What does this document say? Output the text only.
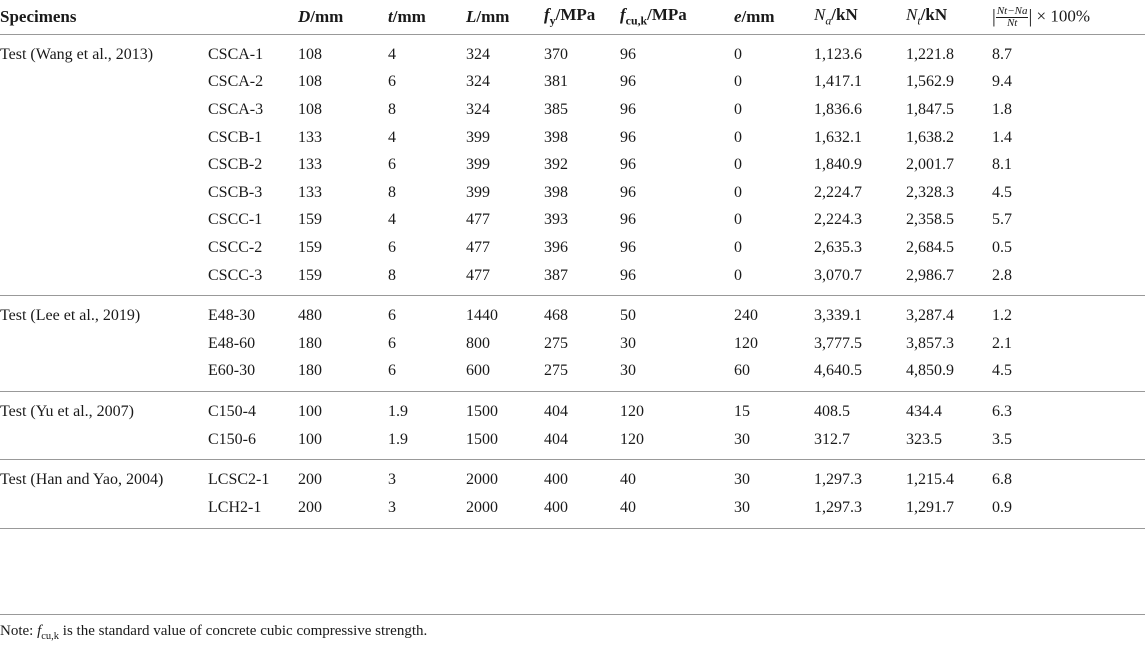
Specimens		D/mm	t/mm	L/mm	$f_y$/MPa	$f_{cu,k}$/MPa	e/mm	$N_a/kN$	$N_t/kN$	| $\frac{Nt-Na}{Nt}$ | × 100%
Test (Wang et al., 2013)	CSCA-1	108	4	324	370	96	0	1,123.6	1,221.8	8.7
	CSCA-2	108	6	324	381	96	0	1,417.1	1,562.9	9.4
	CSCA-3	108	8	324	385	96	0	1,836.6	1,847.5	1.8
	CSCB-1	133	4	399	398	96	0	1,632.1	1,638.2	1.4
	CSCB-2	133	6	399	392	96	0	1,840.9	2,001.7	8.1
	CSCB-3	133	8	399	398	96	0	2,224.7	2,328.3	4.5
	CSCC-1	159	4	477	393	96	0	2,224.3	2,358.5	5.7
	CSCC-2	159	6	477	396	96	0	2,635.3	2,684.5	0.5
	CSCC-3	159	8	477	387	96	0	3,070.7	2,986.7	2.8
Test (Lee et al., 2019)	E48-30	480	6	1440	468	50	240	3,339.1	3,287.4	1.2
	E48-60	180	6	800	275	30	120	3,777.5	3,857.3	2.1
	E60-30	180	6	600	275	30	60	4,640.5	4,850.9	4.5
Test (Yu et al., 2007)	C150-4	100	1.9	1500	404	120	15	408.5	434.4	6.3
	C150-6	100	1.9	1500	404	120	30	312.7	323.5	3.5
Test (Han and Yao, 2004)	LCSC2-1	200	3	2000	400	40	30	1,297.3	1,215.4	6.8
	LCH2-1	200	3	2000	400	40	30	1,297.3	1,291.7	0.9
Note: $f_{cu,k}$ is the standard value of concrete cubic compressive strength.
